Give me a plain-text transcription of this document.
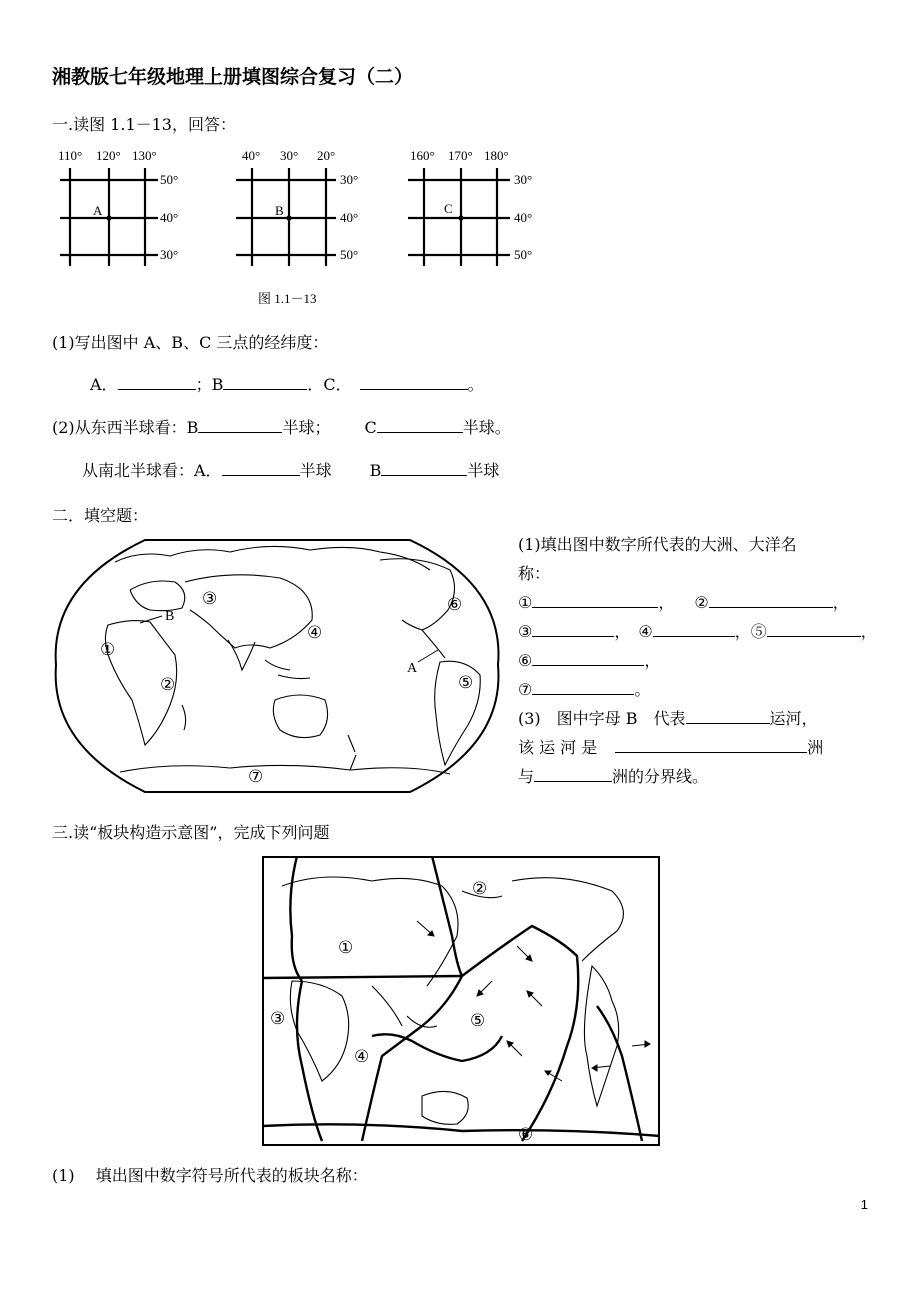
湘教版七年级地理上册填图综合复习（二）
一.读图 1.1－13，回答：
110° 120° 130°
50°
40°
30°
A
40° 30° 20°
30°
40°
50°
B
160° 170° 180°
30°
40°
50°
C
图 1.1－13
(1)写出图中 A、B、C 三点的经纬度：
A．	；B	．C．	。
(2)从东西半球看：B	半球； C	半球。
从南北半球看：A．	半球 B	半球
二．填空题：
①
②
③
④
⑤
⑥
⑦
B
A
(1)填出图中数字所代表的大洲、大洋名
称：
①	， ②	，
③	， ④	，⑤	，
⑥	，
⑦	。
(3)　图中字母 B　代表	运河，
该 运 河 是	洲
与	洲的分界线。
三.读“板块构造示意图”，完成下列问题
①
②
③
④
⑤
⑥
(1)　 填出图中数字符号所代表的板块名称：
1
